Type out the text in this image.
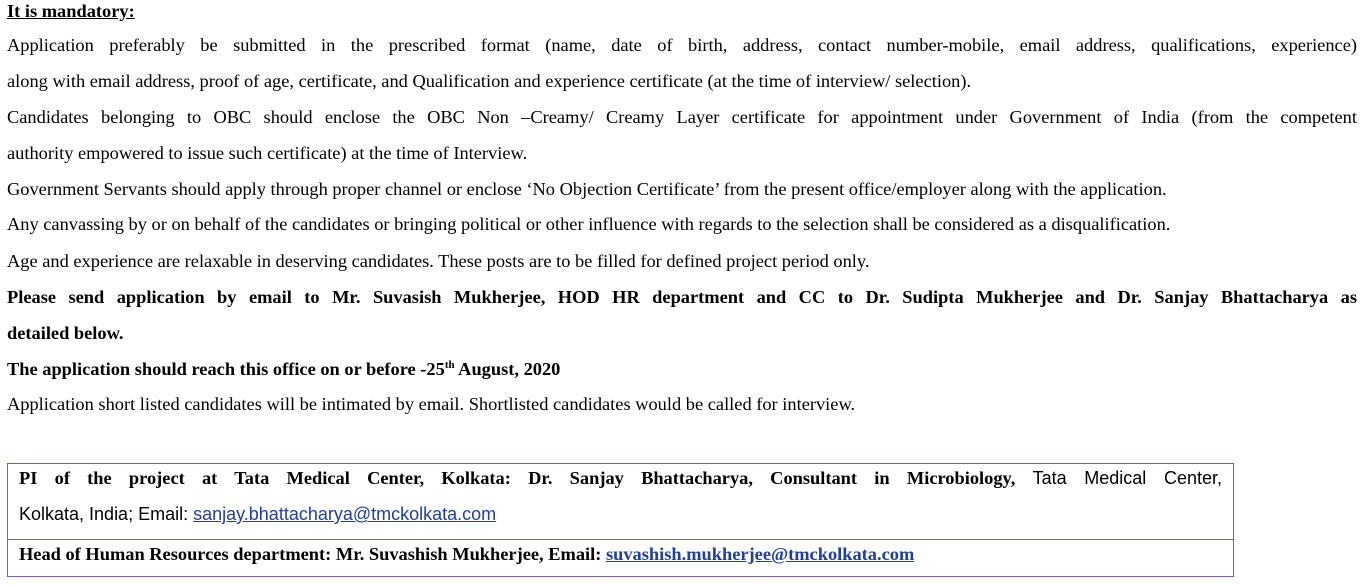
It is mandatory:
Application preferably be submitted in the prescribed format (name, date of birth, address, contact number-mobile, email address, qualifications, experience)
along with email address, proof of age, certificate, and Qualification and experience certificate (at the time of interview/ selection).
Candidates belonging to OBC should enclose the OBC Non –Creamy/ Creamy Layer certificate for appointment under Government of India (from the competent
authority empowered to issue such certificate) at the time of Interview.
Government Servants should apply through proper channel or enclose ‘No Objection Certificate’ from the present office/employer along with the application.
Any canvassing by or on behalf of the candidates or bringing political or other influence with regards to the selection shall be considered as a disqualification.
Age and experience are relaxable in deserving candidates. These posts are to be filled for defined project period only.
Please send application by email to Mr. Suvasish Mukherjee, HOD HR department and CC to Dr. Sudipta Mukherjee and Dr. Sanjay Bhattacharya as
detailed below.
The application should reach this office on or before -25th August, 2020
Application short listed candidates will be intimated by email. Shortlisted candidates would be called for interview.
PI of the project at Tata Medical Center, Kolkata: Dr. Sanjay Bhattacharya, Consultant in Microbiology, Tata Medical Center,
Kolkata, India; Email: sanjay.bhattacharya@tmckolkata.com

Head of Human Resources department: Mr. Suvashish Mukherjee, Email: suvashish.mukherjee@tmckolkata.com
